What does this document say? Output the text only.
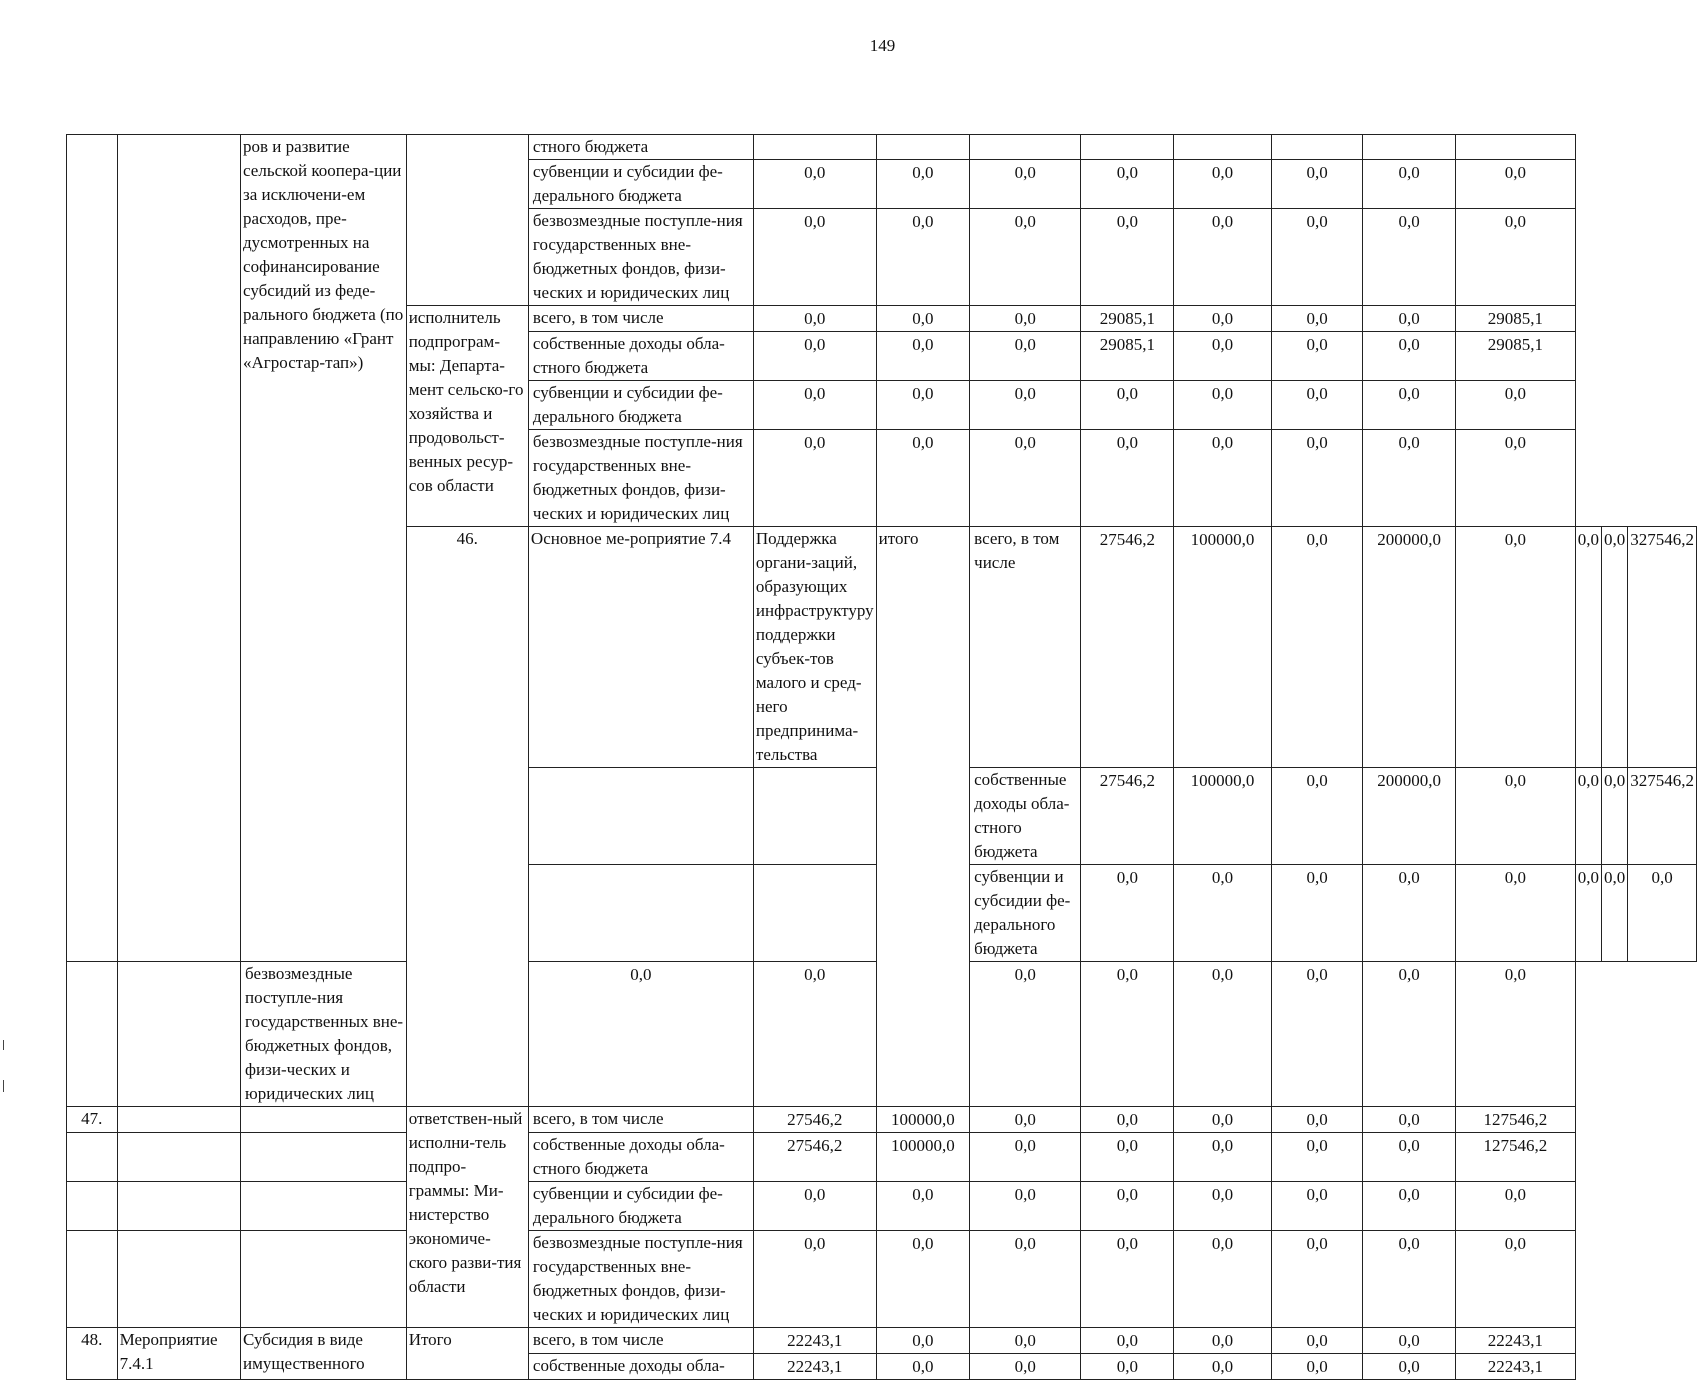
149
		ров и развитие сельской коопера-ции за исключени-ем расходов, пре-дусмотренных на софинансирование субсидий из феде-рального бюджета (по направлению «Грант «Агростар-тап»)		стного бюджета											
				субвенции и субсидии фе-дерального бюджета	0,0	0,0	0,0	0,0	0,0	0,0	0,0	0,0			
				безвозмездные поступле-ния государственных вне-бюджетных фондов, физи-ческих и юридических лиц	0,0	0,0	0,0	0,0	0,0	0,0	0,0	0,0			
			исполнитель подпрограм-мы: Департа-мент сельско-го хозяйства и продовольст-венных ресур-сов области	всего, в том числе	0,0	0,0	0,0	29085,1	0,0	0,0	0,0	29085,1			
				собственные доходы обла-стного бюджета	0,0	0,0	0,0	29085,1	0,0	0,0	0,0	29085,1			
				субвенции и субсидии фе-дерального бюджета	0,0	0,0	0,0	0,0	0,0	0,0	0,0	0,0			
				безвозмездные поступле-ния государственных вне-бюджетных фондов, физи-ческих и юридических лиц	0,0	0,0	0,0	0,0	0,0	0,0	0,0	0,0			
			46.	Основное ме-роприятие 7.4	Поддержка органи-заций, образующих инфраструктуру поддержки субъек-тов малого и сред-него предпринима-тельства	итого	всего, в том числе	27546,2	100000,0	0,0	200000,0	0,0	0,0	0,0	327546,2
							собственные доходы обла-стного бюджета	27546,2	100000,0	0,0	200000,0	0,0	0,0	0,0	327546,2
							субвенции и субсидии фе-дерального бюджета	0,0	0,0	0,0	0,0	0,0	0,0	0,0	0,0
		безвозмездные поступле-ния государственных вне-бюджетных фондов, физи-ческих и юридических лиц		0,0	0,0		0,0	0,0	0,0	0,0	0,0	0,0			
47.			ответствен-ный исполни-тель подпро-граммы: Ми-нистерство экономиче-ского разви-тия области	всего, в том числе	27546,2	100000,0	0,0	0,0	0,0	0,0	0,0	127546,2			
				собственные доходы обла-стного бюджета	27546,2	100000,0	0,0	0,0	0,0	0,0	0,0	127546,2			
				субвенции и субсидии фе-дерального бюджета	0,0	0,0	0,0	0,0	0,0	0,0	0,0	0,0			
				безвозмездные поступле-ния государственных вне-бюджетных фондов, физи-ческих и юридических лиц	0,0	0,0	0,0	0,0	0,0	0,0	0,0	0,0			
48.	Мероприятие 7.4.1	Субсидия в виде имущественного	Итого	всего, в том числе	22243,1	0,0	0,0	0,0	0,0	0,0	0,0	22243,1			
				собственные доходы обла-	22243,1	0,0	0,0	0,0	0,0	0,0	0,0	22243,1			
